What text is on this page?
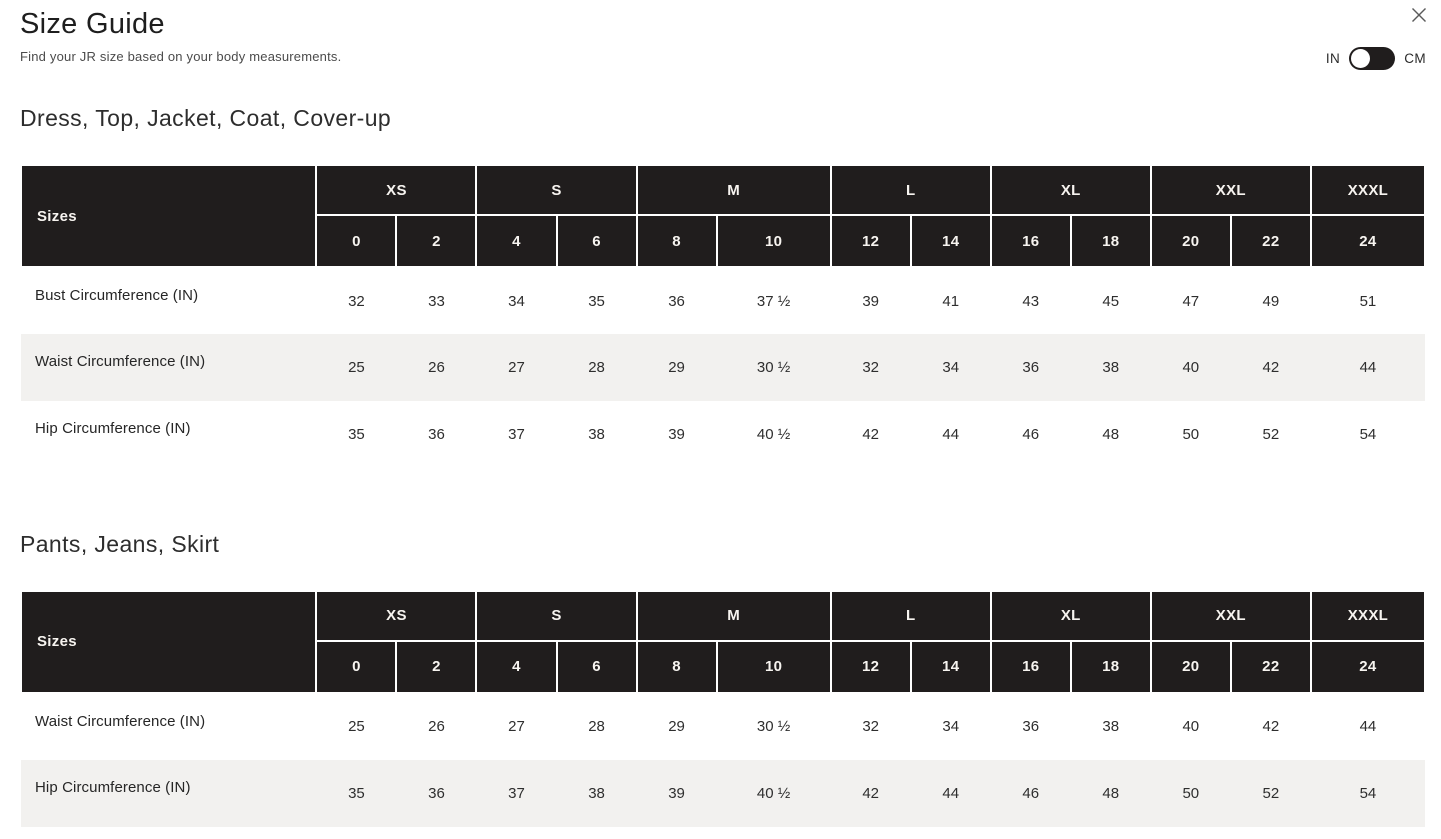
Size Guide

Find your JR size based on your body measurements.	IN	CM
Dress, Top, Jacket, Coat, Cover-up
Sizes	XS		S		M		L		XL		XXL		XXXL
	0	2	4	6	8	10	12	14	16	18	20	22	24
Bust Circumference (IN)	32	33	34	35	36	37 ½	39	41	43	45	47	49	51
Waist Circumference (IN)	25	26	27	28	29	30 ½	32	34	36	38	40	42	44
Hip Circumference (IN)	35	36	37	38	39	40 ½	42	44	46	48	50	52	54
Pants, Jeans, Skirt
Sizes	XS		S		M		L		XL		XXL		XXXL
	0	2	4	6	8	10	12	14	16	18	20	22	24
Waist Circumference (IN)	25	26	27	28	29	30 ½	32	34	36	38	40	42	44
Hip Circumference (IN)	35	36	37	38	39	40 ½	42	44	46	48	50	52	54
